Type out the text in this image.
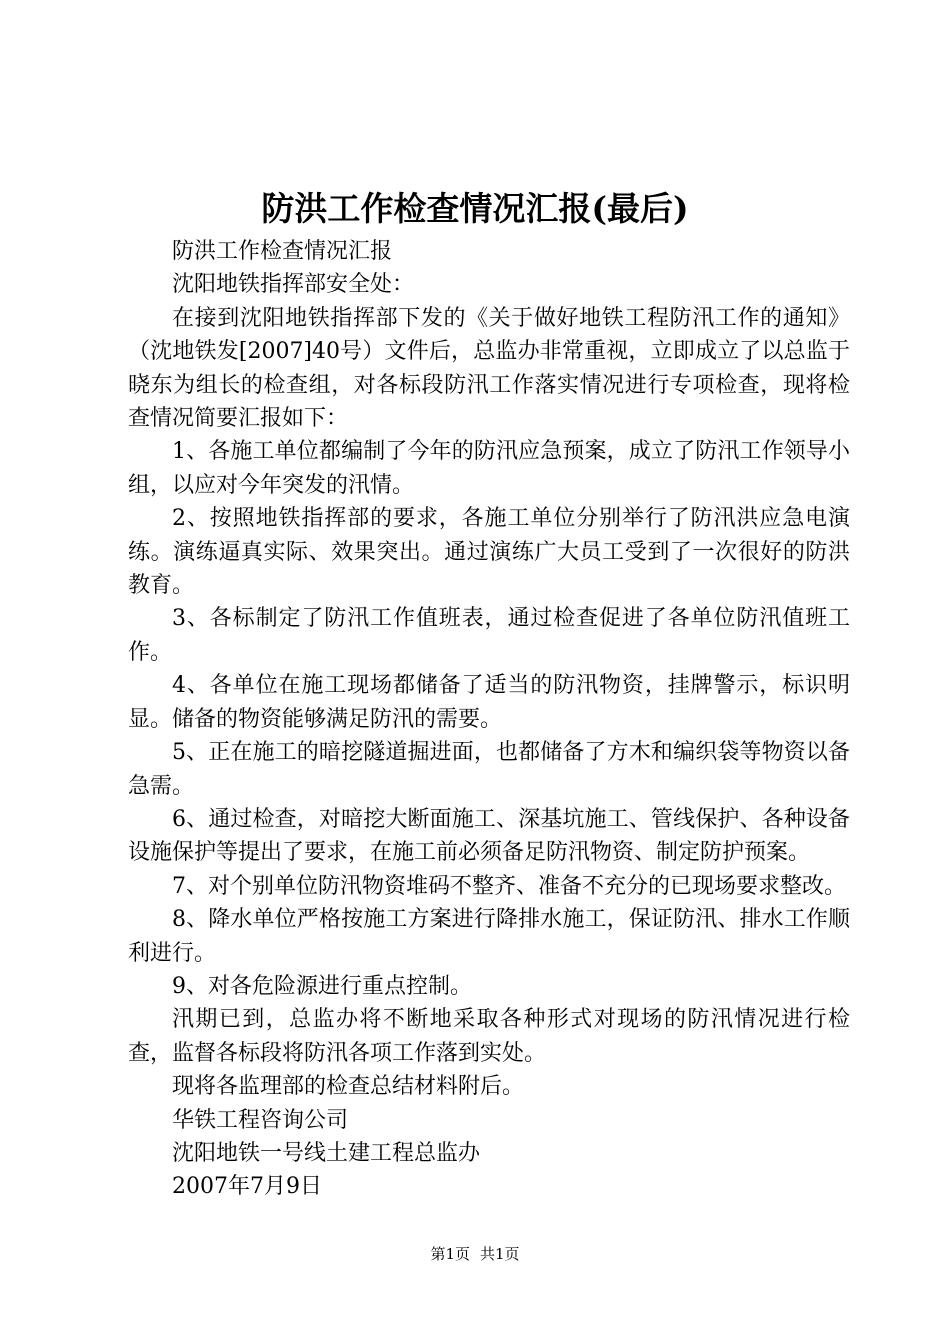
防洪工作检查情况汇报(最后)

防洪工作检查情况汇报

沈阳地铁指挥部安全处：

在接到沈阳地铁指挥部下发的《关于做好地铁工程防汛工作的通知》（沈地铁发[2007]40号）文件后，总监办非常重视，立即成立了以总监于晓东为组长的检查组，对各标段防汛工作落实情况进行专项检查，现将检查情况简要汇报如下：

1、各施工单位都编制了今年的防汛应急预案，成立了防汛工作领导小组，以应对今年突发的汛情。

2、按照地铁指挥部的要求，各施工单位分别举行了防汛洪应急电演练。演练逼真实际、效果突出。通过演练广大员工受到了一次很好的防洪教育。

3、各标制定了防汛工作值班表，通过检查促进了各单位防汛值班工作。

4、各单位在施工现场都储备了适当的防汛物资，挂牌警示，标识明显。储备的物资能够满足防汛的需要。

5、正在施工的暗挖隧道掘进面，也都储备了方木和编织袋等物资以备急需。

6、通过检查，对暗挖大断面施工、深基坑施工、管线保护、各种设备设施保护等提出了要求，在施工前必须备足防汛物资、制定防护预案。

7、对个别单位防汛物资堆码不整齐、准备不充分的已现场要求整改。

8、降水单位严格按施工方案进行降排水施工，保证防汛、排水工作顺利进行。

9、对各危险源进行重点控制。

汛期已到，总监办将不断地采取各种形式对现场的防汛情况进行检查，监督各标段将防汛各项工作落到实处。

现将各监理部的检查总结材料附后。

华铁工程咨询公司

沈阳地铁一号线土建工程总监办

2007年7月9日

第1页 共1页
